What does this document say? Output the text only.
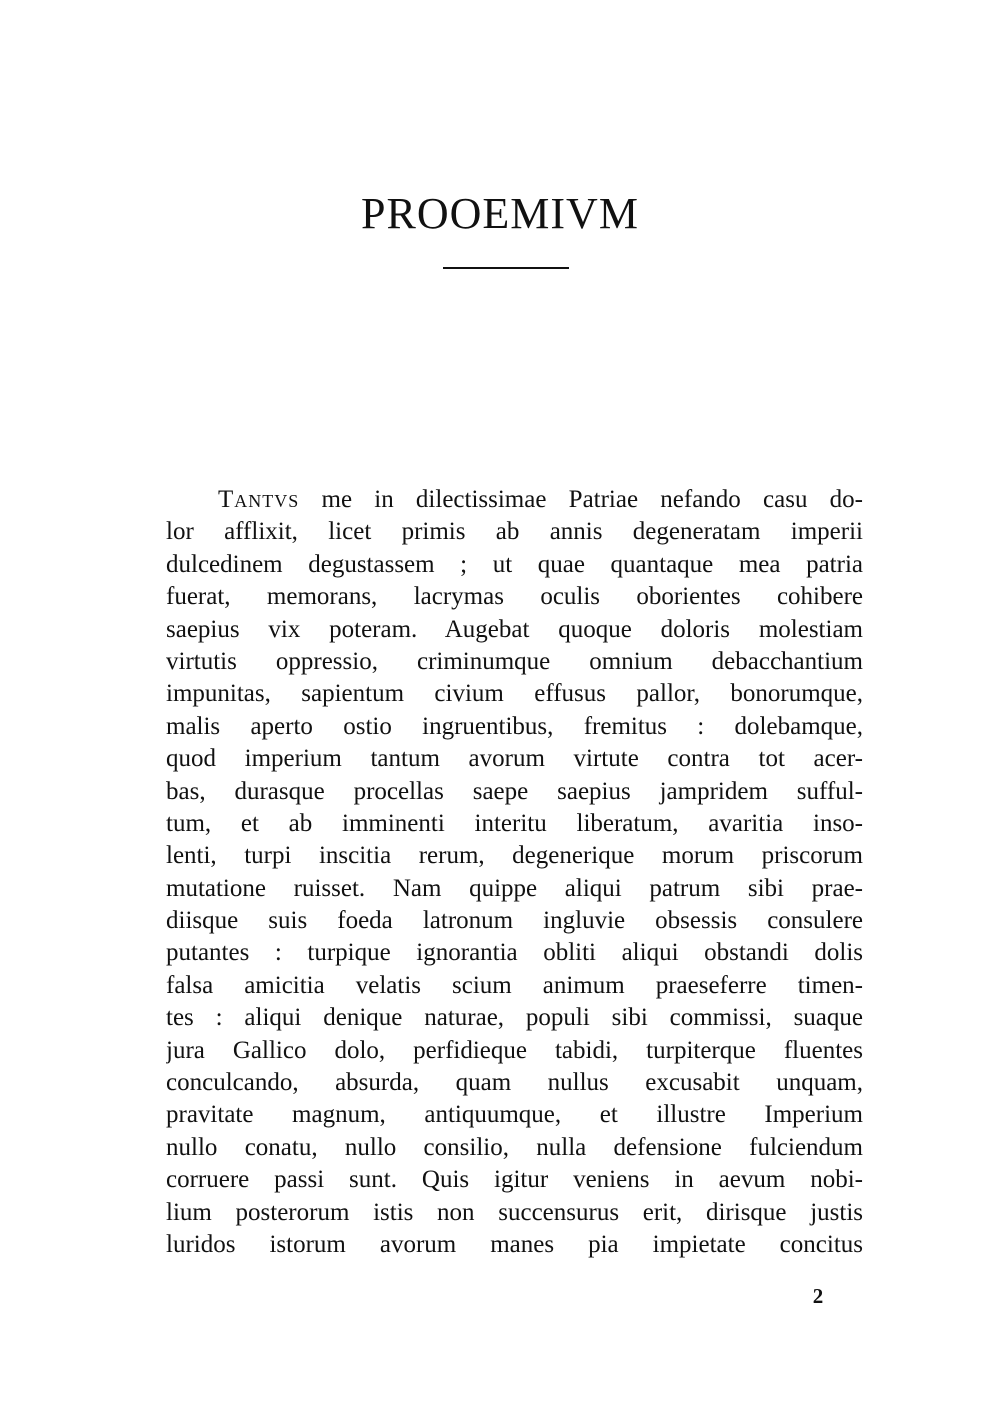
PROOEMIVM
Tantvs me in dilectissimae Patriae nefando casu do-
lor afflixit, licet primis ab annis degeneratam imperii
dulcedinem degustassem ; ut quae quantaque mea patria
fuerat, memorans, lacrymas oculis oborientes cohibere
saepius vix poteram. Augebat quoque doloris molestiam
virtutis oppressio, criminumque omnium debacchantium
impunitas, sapientum civium effusus pallor, bonorumque,
malis aperto ostio ingruentibus, fremitus : dolebamque,
quod imperium tantum avorum virtute contra tot acer-
bas, durasque procellas saepe saepius jampridem sufful-
tum, et ab imminenti interitu liberatum, avaritia inso-
lenti, turpi inscitia rerum, degenerique morum priscorum
mutatione ruisset. Nam quippe aliqui patrum sibi prae-
diisque suis foeda latronum ingluvie obsessis consulere
putantes : turpique ignorantia obliti aliqui obstandi dolis
falsa amicitia velatis scium animum praeseferre timen-
tes : aliqui denique naturae, populi sibi commissi, suaque
jura Gallico dolo, perfidieque tabidi, turpiterque fluentes
conculcando, absurda, quam nullus excusabit unquam,
pravitate magnum, antiquumque, et illustre Imperium
nullo conatu, nullo consilio, nulla defensione fulciendum
corruere passi sunt. Quis igitur veniens in aevum nobi-
lium posterorum istis non succensurus erit, dirisque justis
luridos istorum avorum manes pia impietate concitus
2
